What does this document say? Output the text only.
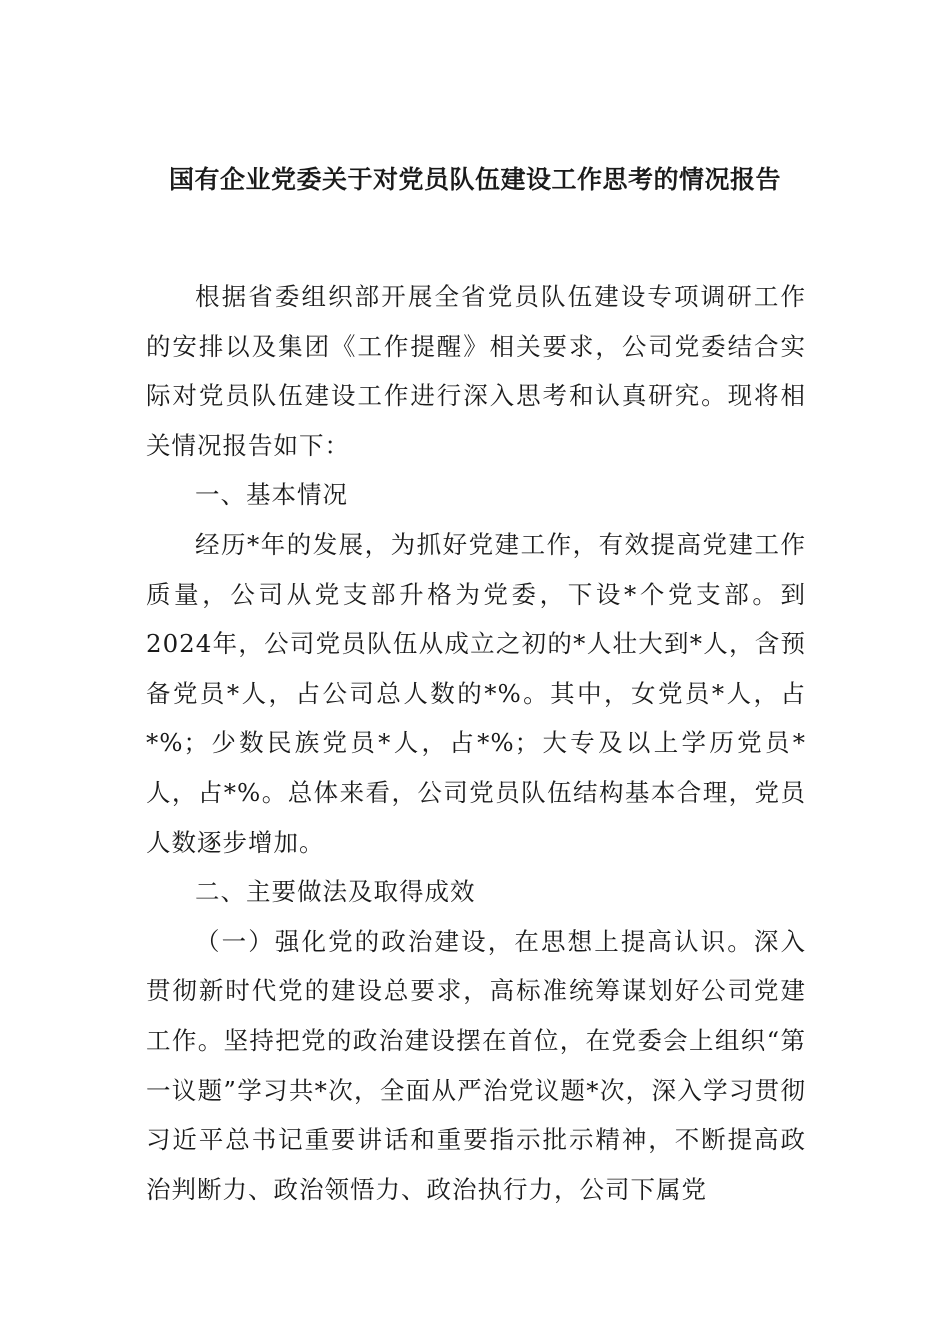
国有企业党委关于对党员队伍建设工作思考的情况报告

根据省委组织部开展全省党员队伍建设专项调研工作的安排以及集团《工作提醒》相关要求，公司党委结合实际对党员队伍建设工作进行深入思考和认真研究。现将相关情况报告如下：

一、基本情况

经历*年的发展，为抓好党建工作，有效提高党建工作质量，公司从党支部升格为党委，下设*个党支部。到2024年，公司党员队伍从成立之初的*人壮大到*人，含预备党员*人，占公司总人数的*%。其中，女党员*人，占*%；少数民族党员*人，占*%；大专及以上学历党员*人，占*%。总体来看，公司党员队伍结构基本合理，党员人数逐步增加。

二、主要做法及取得成效

（一）强化党的政治建设，在思想上提高认识。深入贯彻新时代党的建设总要求，高标准统筹谋划好公司党建工作。坚持把党的政治建设摆在首位，在党委会上组织“第一议题”学习共*次，全面从严治党议题*次，深入学习贯彻习近平总书记重要讲话和重要指示批示精神，不断提高政治判断力、政治领悟力、政治执行力，公司下属党
